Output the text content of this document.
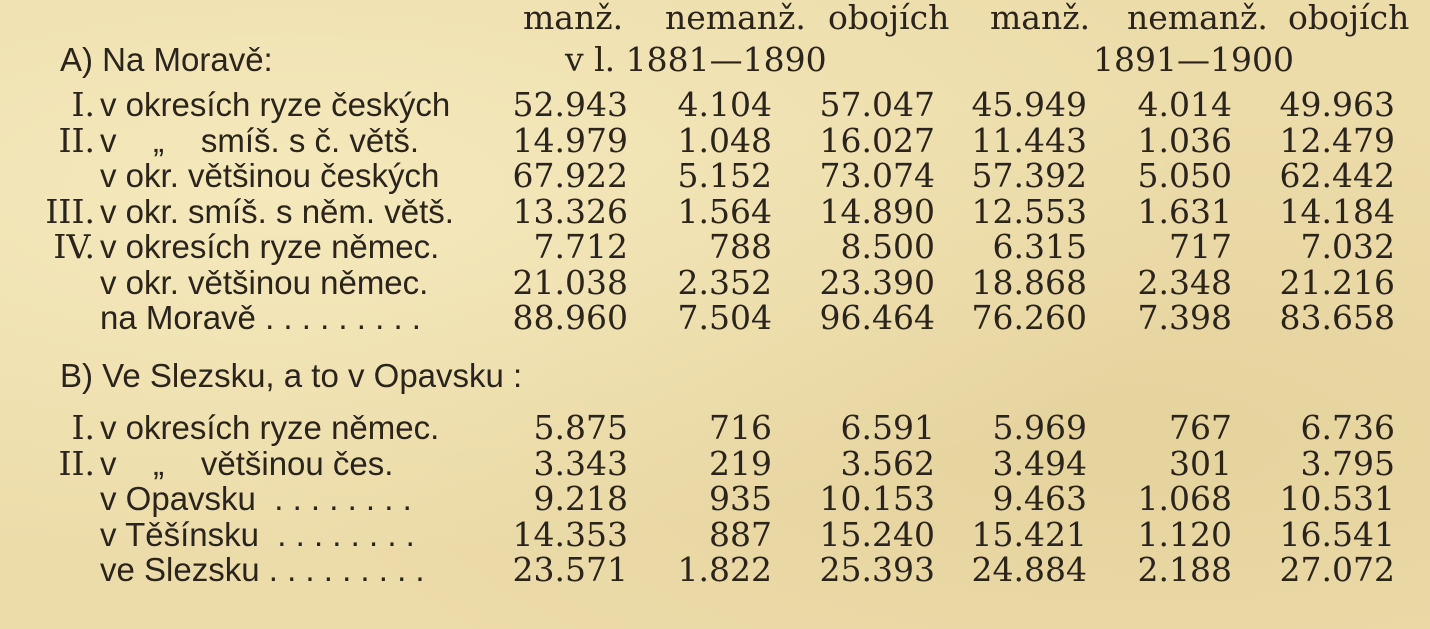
manž. nemanž. obojích manž. nemanž. obojích
A) Na Moravě:	v l. 1881—1890	1891—1900
I. v okresích ryze českých	52.943	4.104	57.047	45.949	4.014	49.963
II. v    „    smíš. s č. větš.	14.979	1.048	16.027	11.443	1.036	12.479
v okr. většinou českých	67.922	5.152	73.074	57.392	5.050	62.442
III. v okr. smíš. s něm. větš.	13.326	1.564	14.890	12.553	1.631	14.184
IV. v okresích ryze němec.	7.712	788	8.500	6.315	717	7.032
v okr. většinou němec.	21.038	2.352	23.390	18.868	2.348	21.216
na Moravě . . . . . . . . .	88.960	7.504	96.464	76.260	7.398	83.658
B) Ve Slezsku, a to v Opavsku :
I. v okresích ryze němec.	5.875	716	6.591	5.969	767	6.736
II. v    „    většinou čes.	3.343	219	3.562	3.494	301	3.795
v Opavsku  . . . . . . . .	9.218	935	10.153	9.463	1.068	10.531
v Těšínsku  . . . . . . . .	14.353	887	15.240	15.421	1.120	16.541
ve Slezsku . . . . . . . . .	23.571	1.822	25.393	24.884	2.188	27.072
